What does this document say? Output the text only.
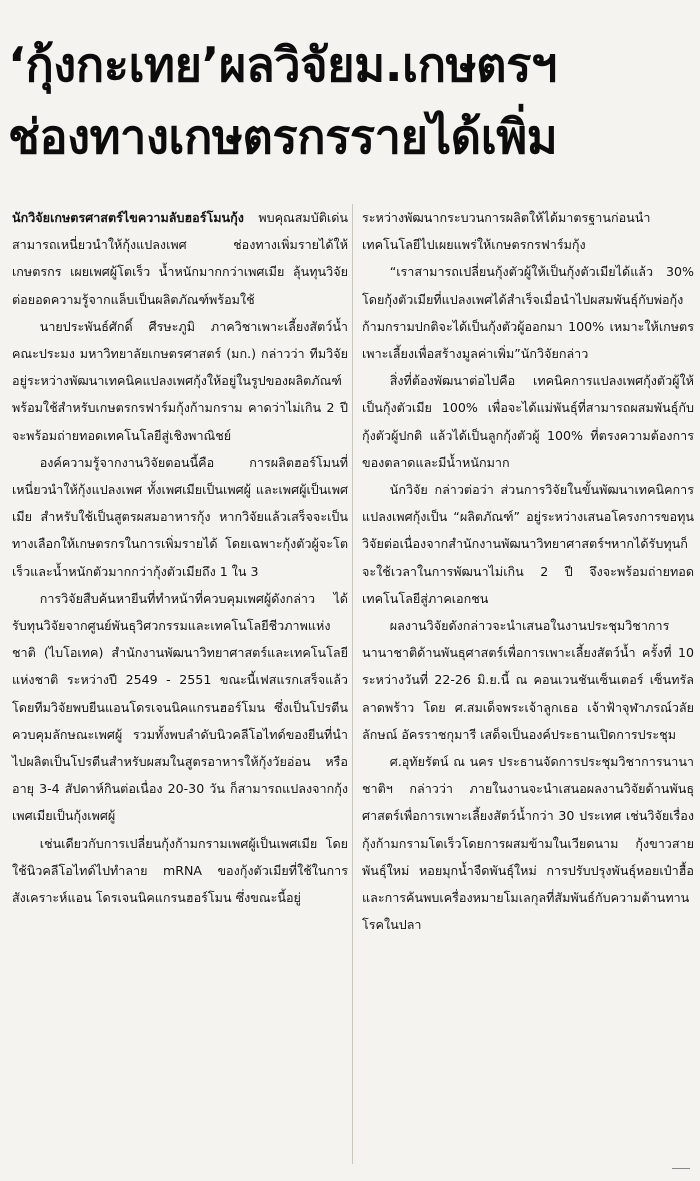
‘กุ้งกะเทย’ผลวิจัยม.เกษตรฯ
ช่องทางเกษตรกรรายได้เพิ่ม

นักวิจัยเกษตรศาสตร์ไขความลับฮอร์โมนกุ้ง พบคุณสมบัติเด่นสามารถเหนี่ยวนำให้กุ้งแปลงเพศ ช่องทางเพิ่มรายได้ให้เกษตรกร เผยเพศผู้โตเร็ว น้ำหนักมากกว่าเพศเมีย ลุ้นทุนวิจัยต่อยอดความรู้จากแล็บเป็นผลิตภัณฑ์พร้อมใช้

นายประพันธ์ศักดิ์ ศีรษะภูมิ ภาควิชาเพาะเลี้ยงสัตว์น้ำ คณะประมง มหาวิทยาลัยเกษตรศาสตร์ (มก.) กล่าวว่า ทีมวิจัยอยู่ระหว่างพัฒนาเทคนิคแปลงเพศกุ้งให้อยู่ในรูปของผลิตภัณฑ์พร้อมใช้สำหรับเกษตรกรฟาร์มกุ้งก้ามกราม คาดว่าไม่เกิน 2 ปีจะพร้อมถ่ายทอดเทคโนโลยีสู่เชิงพาณิชย์

องค์ความรู้จากงานวิจัยตอนนี้คือ การผลิตฮอร์โมนที่เหนี่ยวนำให้กุ้งแปลงเพศ ทั้งเพศเมียเป็นเพศผู้ และเพศผู้เป็นเพศเมีย สำหรับใช้เป็นสูตรผสมอาหารกุ้ง หากวิจัยแล้วเสร็จจะเป็นทางเลือกให้เกษตรกรในการเพิ่มรายได้ โดยเฉพาะกุ้งตัวผู้จะโตเร็วและน้ำหนักตัวมากกว่ากุ้งตัวเมียถึง 1 ใน 3

การวิจัยสืบค้นหายีนที่ทำหน้าที่ควบคุมเพศผู้ดังกล่าว ได้รับทุนวิจัยจากศูนย์พันธุวิศวกรรมและเทคโนโลยีชีวภาพแห่งชาติ (ไบโอเทค) สำนักงานพัฒนาวิทยาศาสตร์และเทคโนโลยีแห่งชาติ ระหว่างปี 2549 - 2551 ขณะนี้เฟสแรกเสร็จแล้ว โดยทีมวิจัยพบยีนแอนโดรเจนนิคแกรนฮอร์โมน ซึ่งเป็นโปรตีนควบคุมลักษณะเพศผู้ รวมทั้งพบลำดับนิวคลีโอไทด์ของยีนที่นำไปผลิตเป็นโปรตีนสำหรับผสมในสูตรอาหารให้กุ้งวัยอ่อน หรืออายุ 3-4 สัปดาห์กินต่อเนื่อง 20-30 วัน ก็สามารถแปลงจากกุ้งเพศเมียเป็นกุ้งเพศผู้

เช่นเดียวกับการเปลี่ยนกุ้งก้ามกรามเพศผู้เป็นเพศเมีย โดยใช้นิวคลีโอไทด์ไปทำลาย mRNA ของกุ้งตัวเมียที่ใช้ในการสังเคราะห์แอน โดรเจนนิคแกรนฮอร์โมน ซึ่งขณะนี้อยู่

ระหว่างพัฒนากระบวนการผลิตให้ได้มาตรฐานก่อนนำเทคโนโลยีไปเผยแพร่ให้เกษตรกรฟาร์มกุ้ง

“เราสามารถเปลี่ยนกุ้งตัวผู้ให้เป็นกุ้งตัวเมียได้แล้ว 30% โดยกุ้งตัวเมียที่แปลงเพศได้สำเร็จเมื่อนำไปผสมพันธุ์กับพ่อกุ้งก้ามกรามปกติจะได้เป็นกุ้งตัวผู้ออกมา 100% เหมาะให้เกษตรเพาะเลี้ยงเพื่อสร้างมูลค่าเพิ่ม”นักวิจัยกล่าว

สิ่งที่ต้องพัฒนาต่อไปคือ เทคนิคการแปลงเพศกุ้งตัวผู้ให้เป็นกุ้งตัวเมีย 100% เพื่อจะได้แม่พันธุ์ที่สามารถผสมพันธุ์กับกุ้งตัวผู้ปกติ แล้วได้เป็นลูกกุ้งตัวผู้ 100% ที่ตรงความต้องการของตลาดและมีน้ำหนักมาก

นักวิจัย กล่าวต่อว่า ส่วนการวิจัยในขั้นพัฒนาเทคนิคการแปลงเพศกุ้งเป็น “ผลิตภัณฑ์” อยู่ระหว่างเสนอโครงการขอทุนวิจัยต่อเนื่องจากสำนักงานพัฒนาวิทยาศาสตร์ฯหากได้รับทุนก็จะใช้เวลาในการพัฒนาไม่เกิน 2 ปี จึงจะพร้อมถ่ายทอดเทคโนโลยีสู่ภาคเอกชน

ผลงานวิจัยดังกล่าวจะนำเสนอในงานประชุมวิชาการนานาชาติด้านพันธุศาสตร์เพื่อการเพาะเลี้ยงสัตว์น้ำ ครั้งที่ 10 ระหว่างวันที่ 22-26 มิ.ย.นี้ ณ คอนเวนชันเซ็นเตอร์ เซ็นทรัลลาดพร้าว โดย ศ.สมเด็จพระเจ้าลูกเธอ เจ้าฟ้าจุฬาภรณ์วลัยลักษณ์ อัครราชกุมารี เสด็จเป็นองค์ประธานเปิดการประชุม

ศ.อุทัยรัตน์ ณ นคร ประธานจัดการประชุมวิชาการนานาชาติฯ กล่าวว่า ภายในงานจะนำเสนอผลงานวิจัยด้านพันธุศาสตร์เพื่อการเพาะเลี้ยงสัตว์น้ำกว่า 30 ประเทศ เช่นวิจัยเรื่องกุ้งก้ามกรามโตเร็วโดยการผสมข้ามในเวียดนาม กุ้งขาวสายพันธุ์ใหม่ หอยมุกน้ำจืดพันธุ์ใหม่ การปรับปรุงพันธุ์หอยเป๋าฮื้อ และการค้นพบเครื่องหมายโมเลกุลที่สัมพันธ์กับความต้านทานโรคในปลา
